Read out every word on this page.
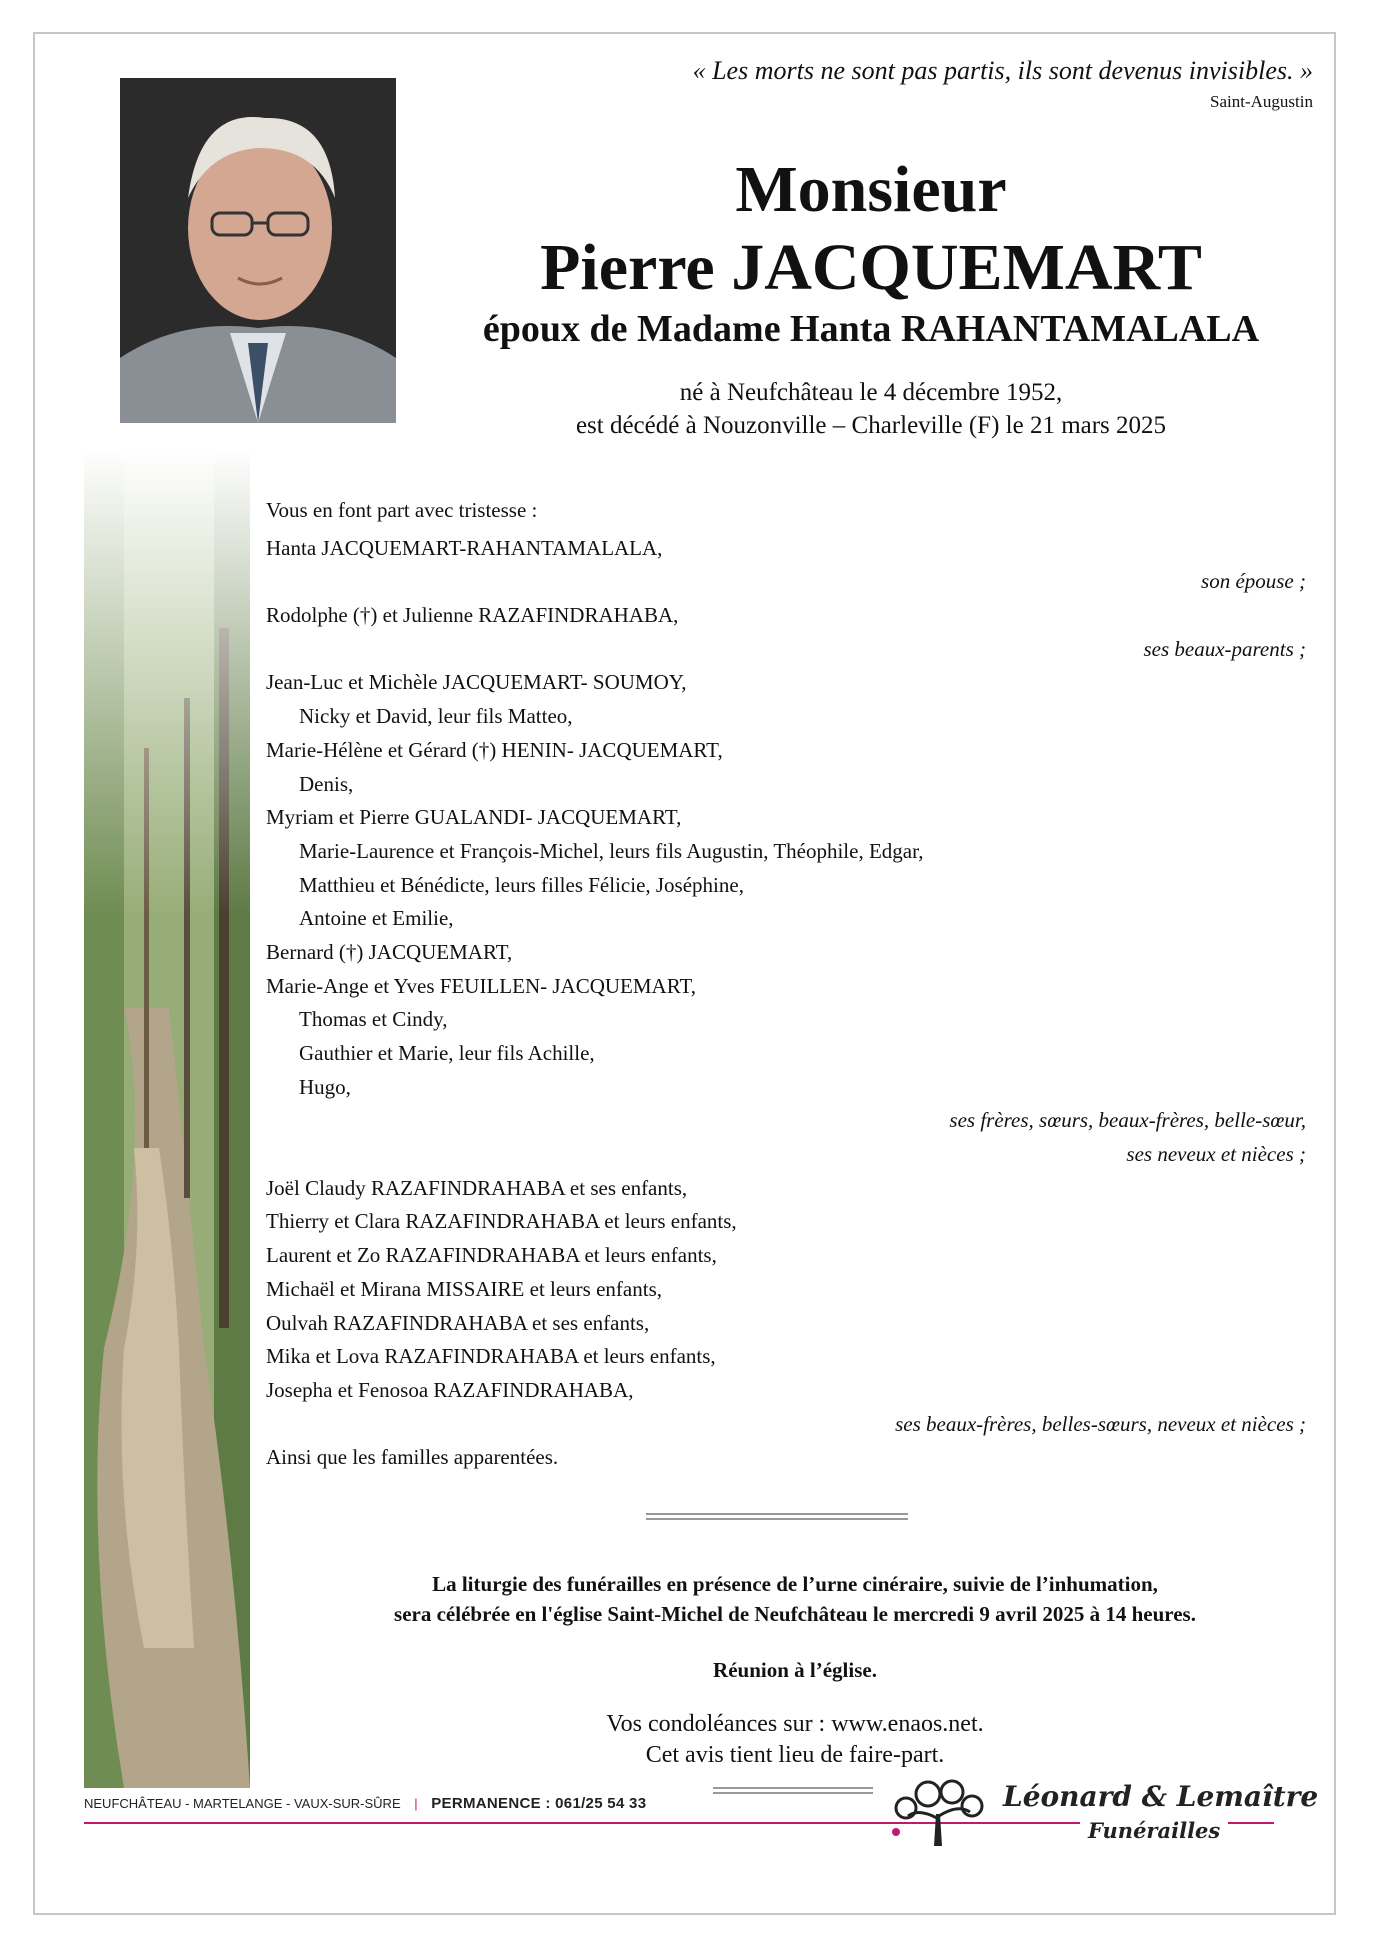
« Les morts ne sont pas partis, ils sont devenus invisibles. »
Saint-Augustin
Monsieur
Pierre JACQUEMART
époux de Madame Hanta RAHANTAMALALA
né à Neufchâteau le 4 décembre 1952,
est décédé à Nouzonville – Charleville (F) le 21 mars 2025
Vous en font part avec tristesse :
Hanta JACQUEMART-RAHANTAMALALA,
son épouse ;
Rodolphe (†) et Julienne RAZAFINDRAHABA,
ses beaux-parents ;
Jean-Luc et Michèle JACQUEMART- SOUMOY,
Nicky et David, leur fils Matteo,
Marie-Hélène et Gérard (†) HENIN- JACQUEMART,
Denis,
Myriam et Pierre GUALANDI- JACQUEMART,
Marie-Laurence et François-Michel, leurs fils Augustin, Théophile, Edgar,
Matthieu et Bénédicte, leurs filles Félicie, Joséphine,
Antoine et Emilie,
Bernard (†) JACQUEMART,
Marie-Ange et Yves FEUILLEN- JACQUEMART,
Thomas et Cindy,
Gauthier et Marie, leur fils Achille,
Hugo,
ses frères, sœurs, beaux-frères, belle-sœur,
ses neveux et nièces ;
Joël Claudy RAZAFINDRAHABA et ses enfants,
Thierry et Clara RAZAFINDRAHABA et leurs enfants,
Laurent et Zo RAZAFINDRAHABA et leurs enfants,
Michaël et Mirana MISSAIRE et leurs enfants,
Oulvah RAZAFINDRAHABA et ses enfants,
Mika et Lova RAZAFINDRAHABA et leurs enfants,
Josepha et Fenosoa RAZAFINDRAHABA,
ses beaux-frères, belles-sœurs, neveux et nièces ;
Ainsi que les familles apparentées.
La liturgie des funérailles en présence de l’urne cinéraire, suivie de l’inhumation,
sera célébrée en l'église Saint-Michel de Neufchâteau le mercredi 9 avril 2025 à 14 heures.
Réunion à l’église.
Vos condoléances sur : www.enaos.net.
Cet avis tient lieu de faire-part.
NEUFCHÂTEAU - MARTELANGE - VAUX-SUR-SÛRE | PERMANENCE : 061/25 54 33	Léonard & Lemaître
Funérailles
